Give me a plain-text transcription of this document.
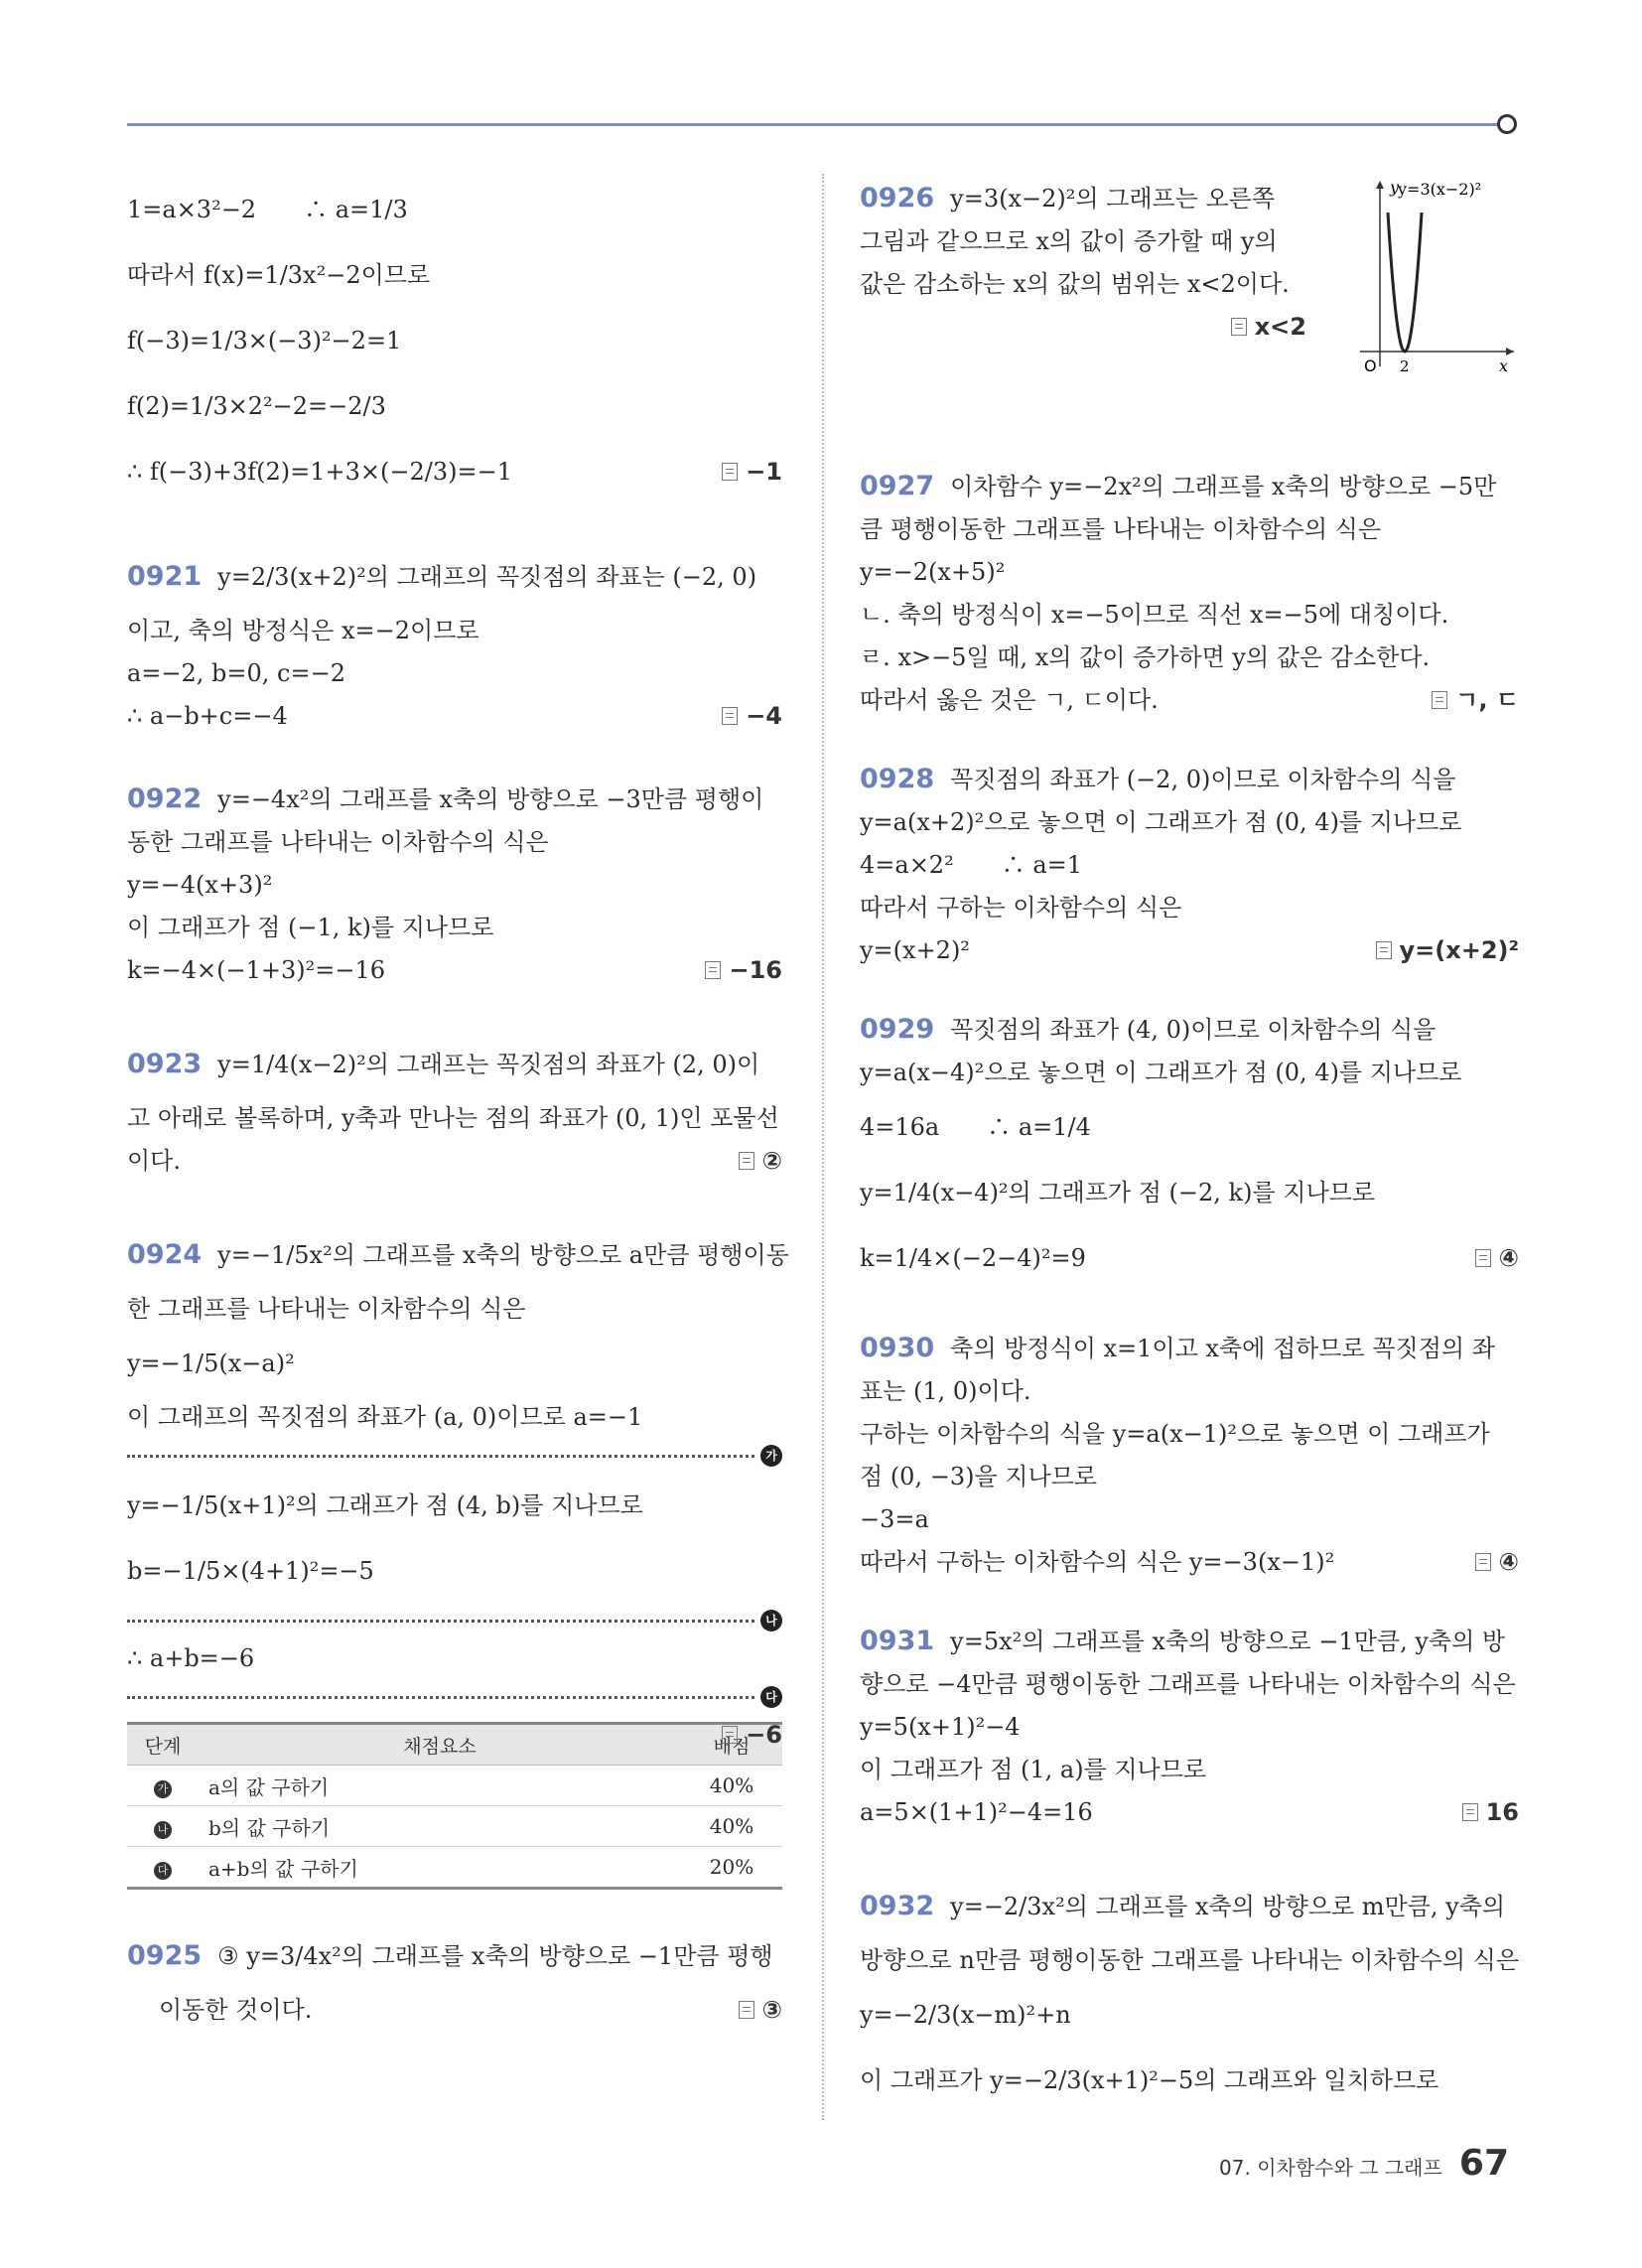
1=a×3²−2　　∴ a=1/3
따라서 f(x)=1/3x²−2이므로
f(−3)=1/3×(−3)²−2=1
f(2)=1/3×2²−2=−2/3
∴ f(−3)+3f(2)=1+3×(−2/3)=−1	−1
0921 y=2/3(x+2)²의 그래프의 꼭짓점의 좌표는 (−2, 0)
이고, 축의 방정식은 x=−2이므로
a=−2, b=0, c=−2
∴ a−b+c=−4	−4
0922 y=−4x²의 그래프를 x축의 방향으로 −3만큼 평행이
동한 그래프를 나타내는 이차함수의 식은
y=−4(x+3)²
이 그래프가 점 (−1, k)를 지나므로
k=−4×(−1+3)²=−16	−16
0923 y=1/4(x−2)²의 그래프는 꼭짓점의 좌표가 (2, 0)이
고 아래로 볼록하며, y축과 만나는 점의 좌표가 (0, 1)인 포물선
이다.	②
0924 y=−1/5x²의 그래프를 x축의 방향으로 a만큼 평행이동
한 그래프를 나타내는 이차함수의 식은
y=−1/5(x−a)²
이 그래프의 꼭짓점의 좌표가 (a, 0)이므로 a=−1
가
y=−1/5(x+1)²의 그래프가 점 (4, b)를 지나므로
b=−1/5×(4+1)²=−5
나
∴ a+b=−6
다
−6
단계	채점요소	배점
가	a의 값 구하기	40%
나	b의 값 구하기	40%
다	a+b의 값 구하기	20%
0925 ③ y=3/4x²의 그래프를 x축의 방향으로 −1만큼 평행
이동한 것이다.	③
y
y=3(x−2)²
O 2	x
0926 y=3(x−2)²의 그래프는 오른쪽
그림과 같으므로 x의 값이 증가할 때 y의
값은 감소하는 x의 값의 범위는 x<2이다.
x<2
0927 이차함수 y=−2x²의 그래프를 x축의 방향으로 −5만
큼 평행이동한 그래프를 나타내는 이차함수의 식은
y=−2(x+5)²
ㄴ. 축의 방정식이 x=−5이므로 직선 x=−5에 대칭이다.
ㄹ. x>−5일 때, x의 값이 증가하면 y의 값은 감소한다.
따라서 옳은 것은 ㄱ, ㄷ이다.	ㄱ, ㄷ
0928 꼭짓점의 좌표가 (−2, 0)이므로 이차함수의 식을
y=a(x+2)²으로 놓으면 이 그래프가 점 (0, 4)를 지나므로
4=a×2²　　∴ a=1
따라서 구하는 이차함수의 식은
y=(x+2)²	y=(x+2)²
0929 꼭짓점의 좌표가 (4, 0)이므로 이차함수의 식을
y=a(x−4)²으로 놓으면 이 그래프가 점 (0, 4)를 지나므로
4=16a　　∴ a=1/4
y=1/4(x−4)²의 그래프가 점 (−2, k)를 지나므로
k=1/4×(−2−4)²=9	④
0930 축의 방정식이 x=1이고 x축에 접하므로 꼭짓점의 좌
표는 (1, 0)이다.
구하는 이차함수의 식을 y=a(x−1)²으로 놓으면 이 그래프가
점 (0, −3)을 지나므로
−3=a
따라서 구하는 이차함수의 식은 y=−3(x−1)²	④
0931 y=5x²의 그래프를 x축의 방향으로 −1만큼, y축의 방
향으로 −4만큼 평행이동한 그래프를 나타내는 이차함수의 식은
y=5(x+1)²−4
이 그래프가 점 (1, a)를 지나므로
a=5×(1+1)²−4=16	16
0932 y=−2/3x²의 그래프를 x축의 방향으로 m만큼, y축의
방향으로 n만큼 평행이동한 그래프를 나타내는 이차함수의 식은
y=−2/3(x−m)²+n
이 그래프가 y=−2/3(x+1)²−5의 그래프와 일치하므로
07. 이차함수와 그 그래프 67
